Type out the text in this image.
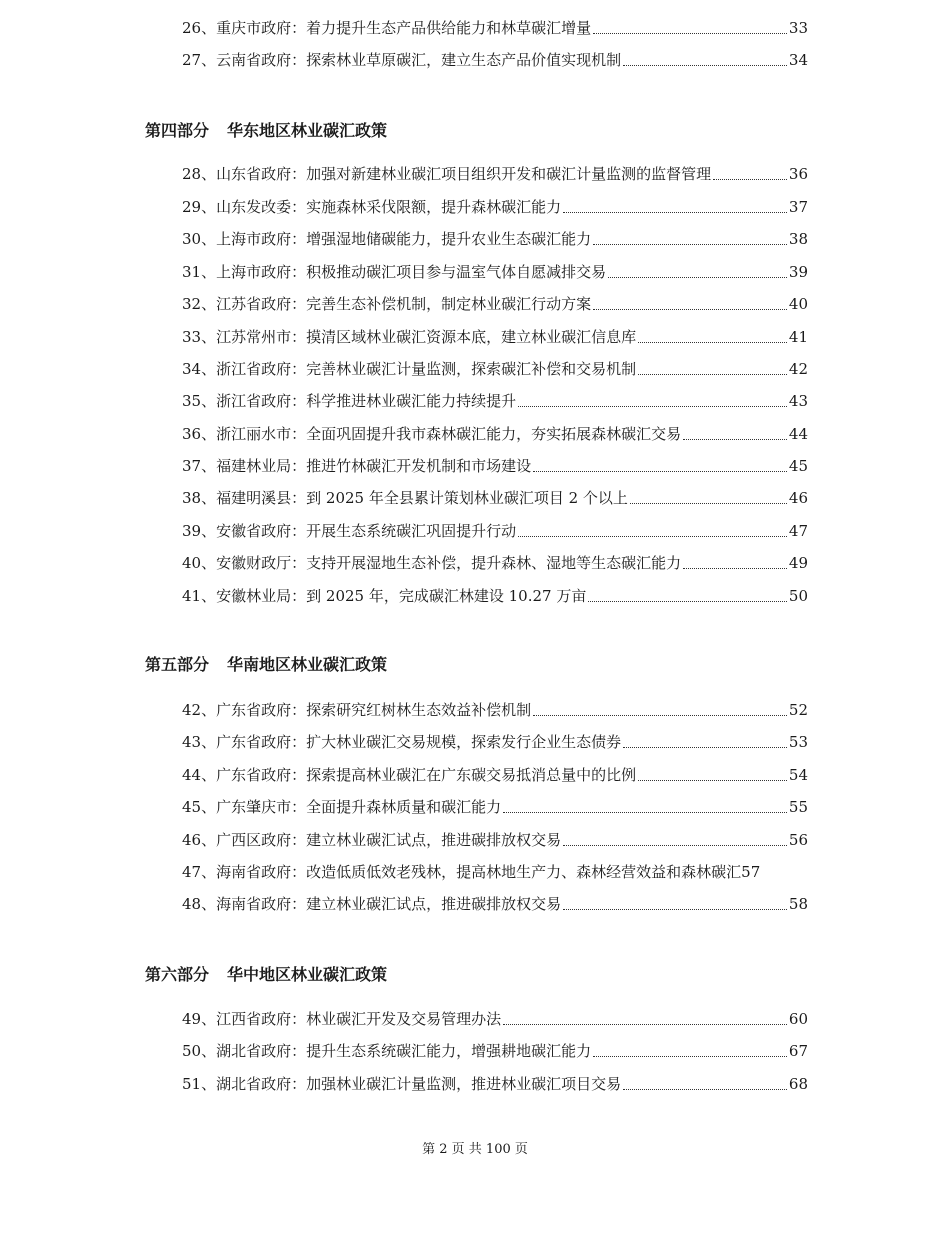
26、重庆市政府：着力提升生态产品供给能力和林草碳汇增量	33
27、云南省政府：探索林业草原碳汇，建立生态产品价值实现机制	34
第四部分 华东地区林业碳汇政策
28、山东省政府：加强对新建林业碳汇项目组织开发和碳汇计量监测的监督管理	36
29、山东发改委：实施森林采伐限额，提升森林碳汇能力	37
30、上海市政府：增强湿地储碳能力，提升农业生态碳汇能力	38
31、上海市政府：积极推动碳汇项目参与温室气体自愿减排交易	39
32、江苏省政府：完善生态补偿机制，制定林业碳汇行动方案	40
33、江苏常州市：摸清区域林业碳汇资源本底，建立林业碳汇信息库	41
34、浙江省政府：完善林业碳汇计量监测，探索碳汇补偿和交易机制	42
35、浙江省政府：科学推进林业碳汇能力持续提升	43
36、浙江丽水市：全面巩固提升我市森林碳汇能力，夯实拓展森林碳汇交易	44
37、福建林业局：推进竹林碳汇开发机制和市场建设	45
38、福建明溪县：到 2025 年全县累计策划林业碳汇项目 2 个以上	46
39、安徽省政府：开展生态系统碳汇巩固提升行动	47
40、安徽财政厅：支持开展湿地生态补偿，提升森林、湿地等生态碳汇能力	49
41、安徽林业局：到 2025 年，完成碳汇林建设 10.27 万亩	50
第五部分 华南地区林业碳汇政策
42、广东省政府：探索研究红树林生态效益补偿机制	52
43、广东省政府：扩大林业碳汇交易规模，探索发行企业生态债券	53
44、广东省政府：探索提高林业碳汇在广东碳交易抵消总量中的比例	54
45、广东肇庆市：全面提升森林质量和碳汇能力	55
46、广西区政府：建立林业碳汇试点，推进碳排放权交易	56
47、海南省政府：改造低质低效老残林，提高林地生产力、森林经营效益和森林碳汇 57
48、海南省政府：建立林业碳汇试点，推进碳排放权交易	58
第六部分 华中地区林业碳汇政策
49、江西省政府：林业碳汇开发及交易管理办法	60
50、湖北省政府：提升生态系统碳汇能力，增强耕地碳汇能力	67
51、湖北省政府：加强林业碳汇计量监测，推进林业碳汇项目交易	68
第 2 页 共 100 页
